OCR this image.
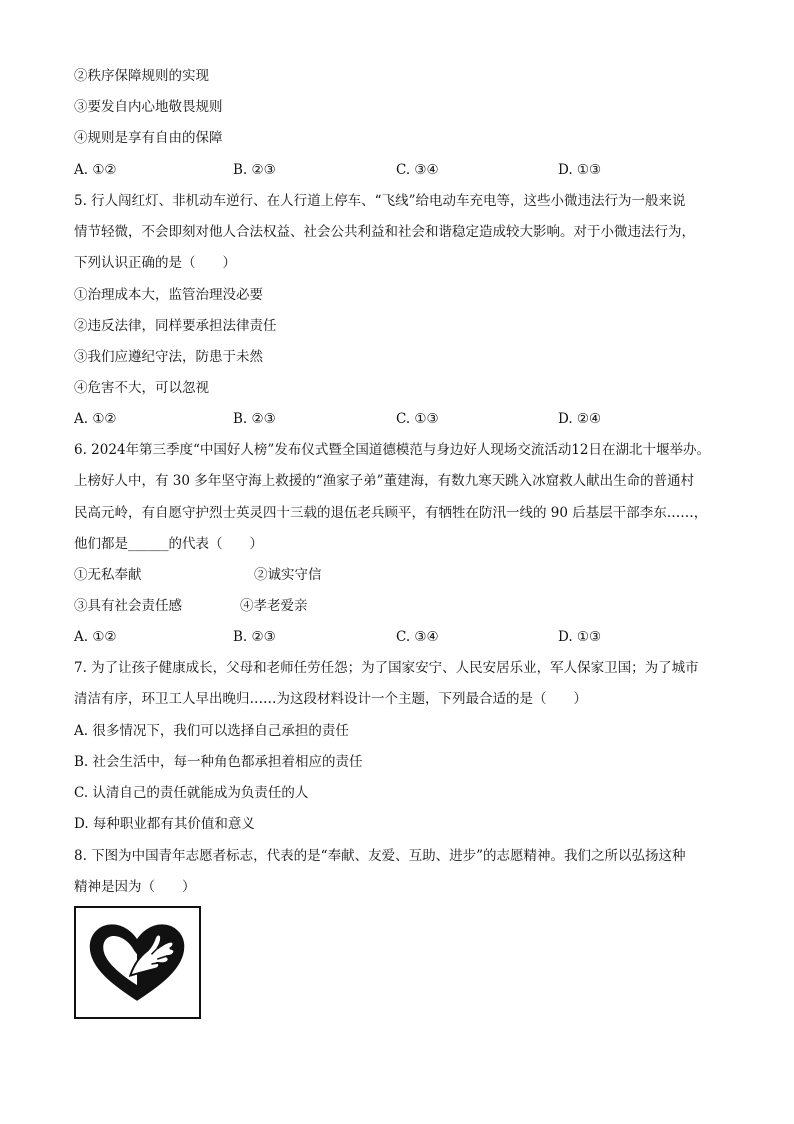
②秩序保障规则的实现
③要发自内心地敬畏规则
④规则是享有自由的保障
A. ①②	B. ②③	C. ③④	D. ①③
5. 行人闯红灯、非机动车逆行、在人行道上停车、“飞线”给电动车充电等，这些小微违法行为一般来说
情节轻微，不会即刻对他人合法权益、社会公共利益和社会和谐稳定造成较大影响。对于小微违法行为，
下列认识正确的是（　　）
①治理成本大，监管治理没必要
②违反法律，同样要承担法律责任
③我们应遵纪守法，防患于未然
④危害不大，可以忽视
A. ①②	B. ②③	C. ①③	D. ②④
6. 2024年第三季度“中国好人榜”发布仪式暨全国道德模范与身边好人现场交流活动12日在湖北十堰举办。
上榜好人中，有 30 多年坚守海上救援的“渔家子弟”董建海，有数九寒天跳入冰窟救人献出生命的普通村
民高元岭，有自愿守护烈士英灵四十三载的退伍老兵顾平，有牺牲在防汛一线的 90 后基层干部李东……，
他们都是______的代表（　　）
①无私奉献	②诚实守信
③具有社会责任感	④孝老爱亲
A. ①②	B. ②③	C. ③④	D. ①③
7. 为了让孩子健康成长，父母和老师任劳任怨；为了国家安宁、人民安居乐业，军人保家卫国；为了城市
清洁有序，环卫工人早出晚归……为这段材料设计一个主题，下列最合适的是（　　）
A. 很多情况下，我们可以选择自己承担的责任
B. 社会生活中，每一种角色都承担着相应的责任
C. 认清自己的责任就能成为负责任的人
D. 每种职业都有其价值和意义
8. 下图为中国青年志愿者标志，代表的是“奉献、友爱、互助、进步”的志愿精神。我们之所以弘扬这种
精神是因为（　　）
